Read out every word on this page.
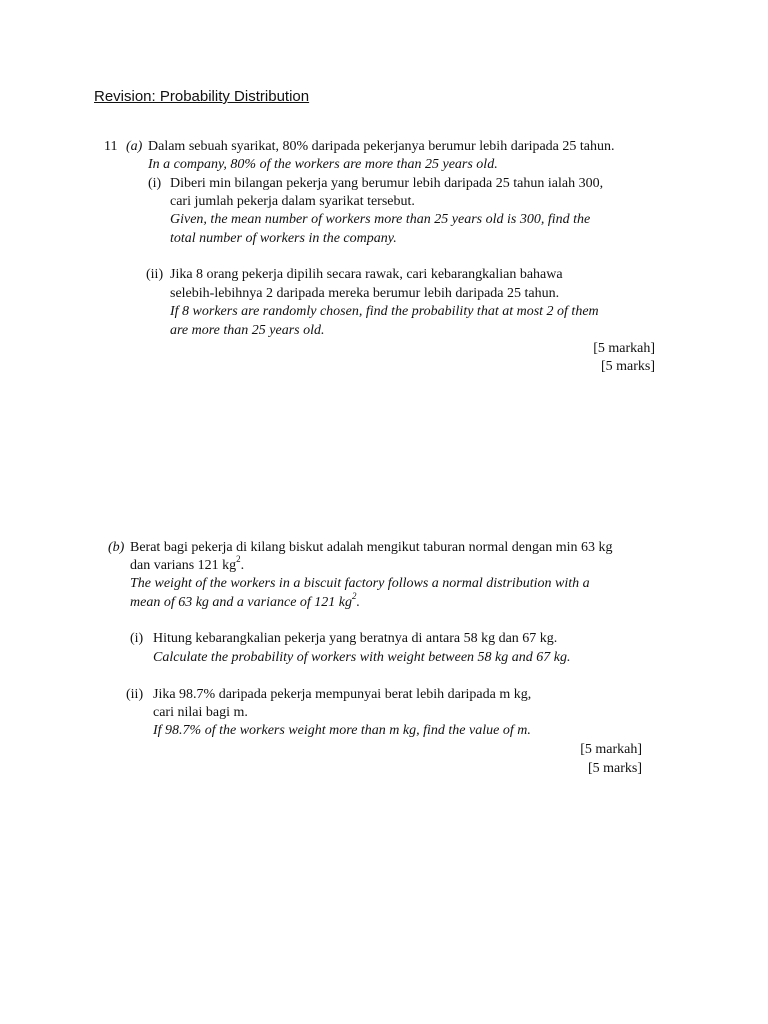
Revision: Probability Distribution
11 (a) Dalam sebuah syarikat, 80% daripada pekerjanya berumur lebih daripada 25 tahun.
In a company, 80% of the workers are more than 25 years old.
(i) Diberi min bilangan pekerja yang berumur lebih daripada 25 tahun ialah 300,
cari jumlah pekerja dalam syarikat tersebut.
Given, the mean number of workers more than 25 years old is 300, find the
total number of workers in the company.
(ii) Jika 8 orang pekerja dipilih secara rawak, cari kebarangkalian bahawa
selebih-lebihnya 2 daripada mereka berumur lebih daripada 25 tahun.
If 8 workers are randomly chosen, find the probability that at most 2 of them
are more than 25 years old.
[5 markah]
[5 marks]
(b) Berat bagi pekerja di kilang biskut adalah mengikut taburan normal dengan min 63 kg
dan varians 121 $kg^2$.
The weight of the workers in a biscuit factory follows a normal distribution with a
mean of 63 kg and a variance of 121 $kg^2$.
(i) Hitung kebarangkalian pekerja yang beratnya di antara 58 kg dan 67 kg.
Calculate the probability of workers with weight between 58 kg and 67 kg.
(ii) Jika 98.7% daripada pekerja mempunyai berat lebih daripada m kg,
cari nilai bagi m.
If 98.7% of the workers weight more than m kg, find the value of m.
[5 markah]
[5 marks]
